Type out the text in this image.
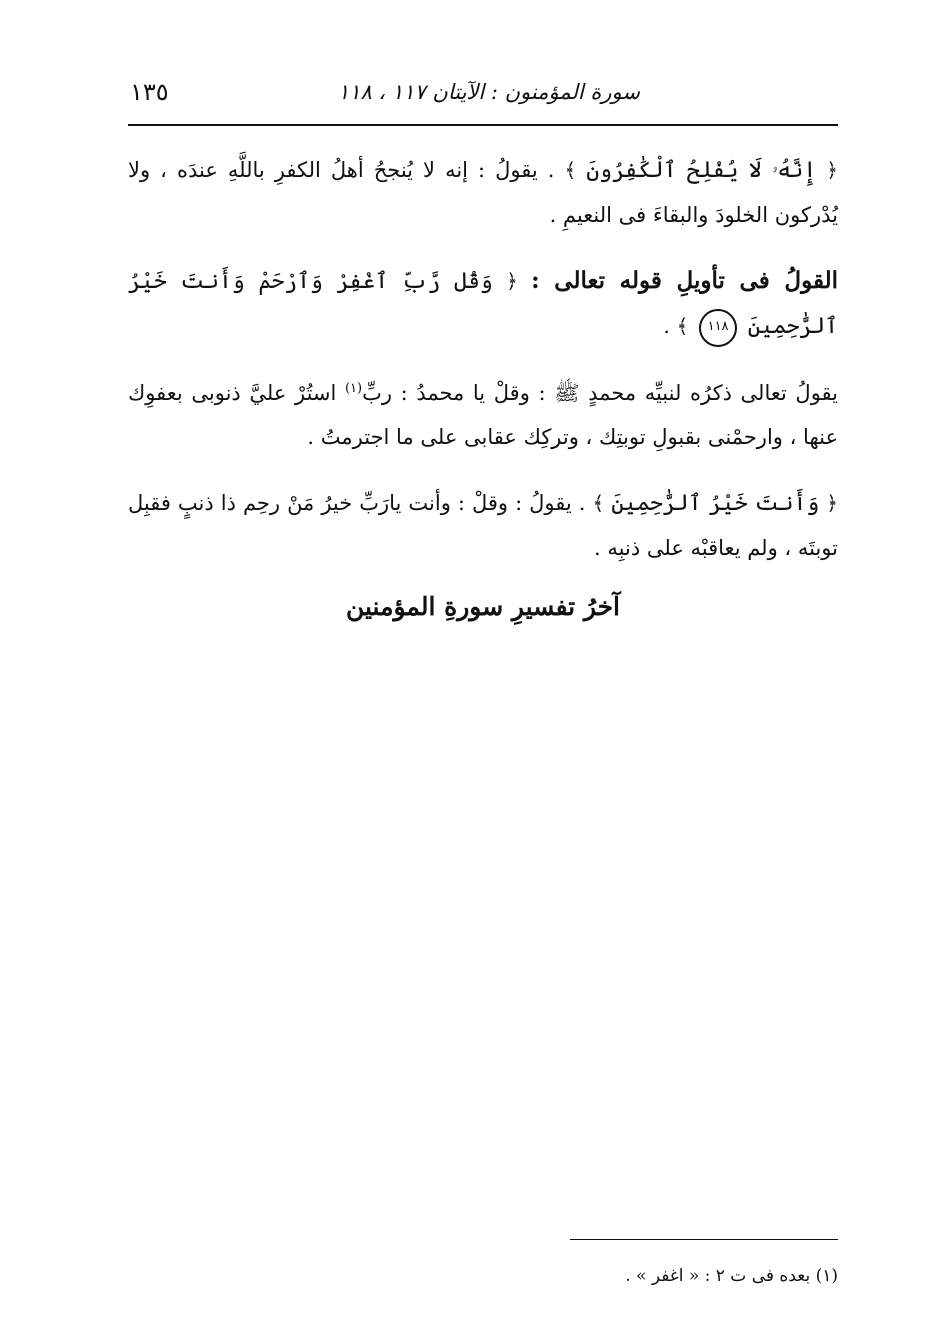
سورة المؤمنون : الآيتان ١١٧ ، ١١٨
١٣٥

﴿ إِنَّهُۥ لَا يُفْلِحُ ٱلْكَٰفِرُونَ ﴾ . يقولُ : إنه لا يُنجحُ أهلُ الكفرِ باللَّهِ عندَه ، ولا يُدْركون الخلودَ والبقاءَ فى النعيمِ .

القولُ فى تأويلِ قوله تعالى : ﴿ وَقُل رَّبِّ ٱغْفِرْ وَٱرْحَمْ وَأَنتَ خَيْرُ ٱلرَّٰحِمِينَ ١١٨ ﴾ .

يقولُ تعالى ذكرُه لنبيِّه محمدٍ ﷺ : وقلْ يا محمدُ : ربِّ$^{(١)}$ استُرْ عليَّ ذنوبى بعفوِك عنها ، وارحمْنى بقبولِ توبتِك ، وتركِك عقابى على ما اجترمتُ .

﴿ وَأَنتَ خَيْرُ ٱلرَّٰحِمِينَ ﴾ . يقولُ : وقلْ : وأنت يارَبِّ خيرُ مَنْ رحِم ذا ذنبٍ فقبِل توبتَه ، ولم يعاقبْه على ذنبِه .

آخرُ تفسيرِ سورةِ المؤمنين
(١) بعده فى ت ٢ : « اغفر » .
